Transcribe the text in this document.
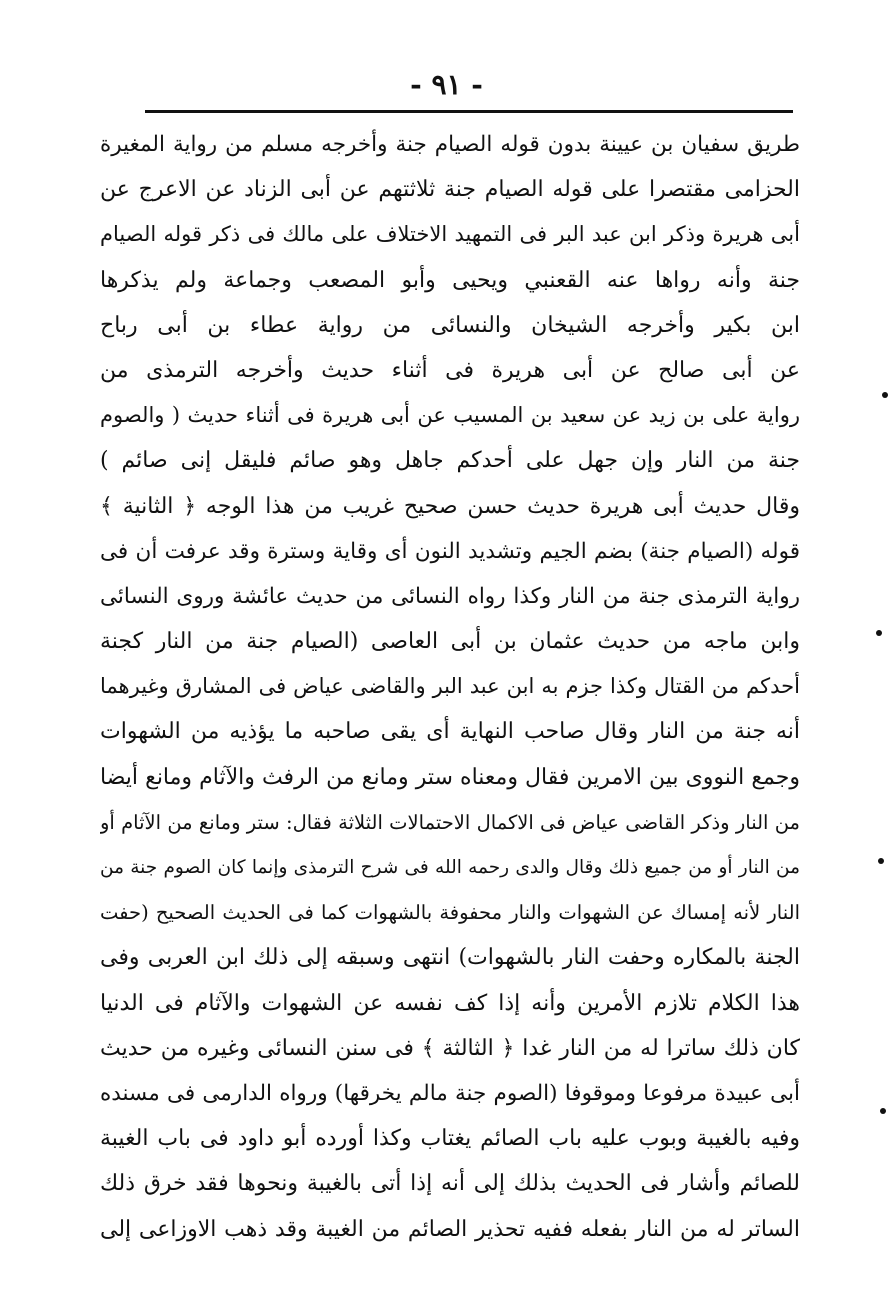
- ٩١ -
طريق سفيان بن عيينة بدون قوله الصيام جنة وأخرجه مسلم من رواية المغيرة
الحزامى مقتصرا على قوله الصيام جنة ثلاثتهم عن أبى الزناد عن الاعرج عن
أبى هريرة وذكر ابن عبد البر فى التمهيد الاختلاف على مالك فى ذكر قوله الصيام
جنة وأنه رواها عنه القعنبي ويحيى وأبو المصعب وجماعة ولم يذكرها
ابن بكير وأخرجه الشيخان والنسائى من رواية عطاء بن أبى رباح
عن أبى صالح عن أبى هريرة فى أثناء حديث وأخرجه الترمذى من
رواية على بن زيد عن سعيد بن المسيب عن أبى هريرة فى أثناء حديث ( والصوم
جنة من النار وإن جهل على أحدكم جاهل وهو صائم فليقل إنى صائم )
وقال حديث أبى هريرة حديث حسن صحيح غريب من هذا الوجه ﴿ الثانية ﴾
قوله (الصيام جنة) بضم الجيم وتشديد النون أى وقاية وسترة وقد عرفت أن فى
رواية الترمذى جنة من النار وكذا رواه النسائى من حديث عائشة وروى النسائى
وابن ماجه من حديث عثمان بن أبى العاصى (الصيام جنة من النار كجنة
أحدكم من القتال وكذا جزم به ابن عبد البر والقاضى عياض فى المشارق وغيرهما
أنه جنة من النار وقال صاحب النهاية أى يقى صاحبه ما يؤذيه من الشهوات
وجمع النووى بين الامرين فقال ومعناه ستر ومانع من الرفث والآثام ومانع أيضا
من النار وذكر القاضى عياض فى الاكمال الاحتمالات الثلاثة فقال: ستر ومانع من الآثام أو
من النار أو من جميع ذلك وقال والدى رحمه الله فى شرح الترمذى وإنما كان الصوم جنة من
النار لأنه إمساك عن الشهوات والنار محفوفة بالشهوات كما فى الحديث الصحيح (حفت
الجنة بالمكاره وحفت النار بالشهوات) انتهى وسبقه إلى ذلك ابن العربى وفى
هذا الكلام تلازم الأمرين وأنه إذا كف نفسه عن الشهوات والآثام فى الدنيا
كان ذلك ساترا له من النار غدا ﴿ الثالثة ﴾ فى سنن النسائى وغيره من حديث
أبى عبيدة مرفوعا وموقوفا (الصوم جنة مالم يخرقها) ورواه الدارمى فى مسنده
وفيه بالغيبة وبوب عليه باب الصائم يغتاب وكذا أورده أبو داود فى باب الغيبة
للصائم وأشار فى الحديث بذلك إلى أنه إذا أتى بالغيبة ونحوها فقد خرق ذلك
الساتر له من النار بفعله ففيه تحذير الصائم من الغيبة وقد ذهب الاوزاعى إلى
